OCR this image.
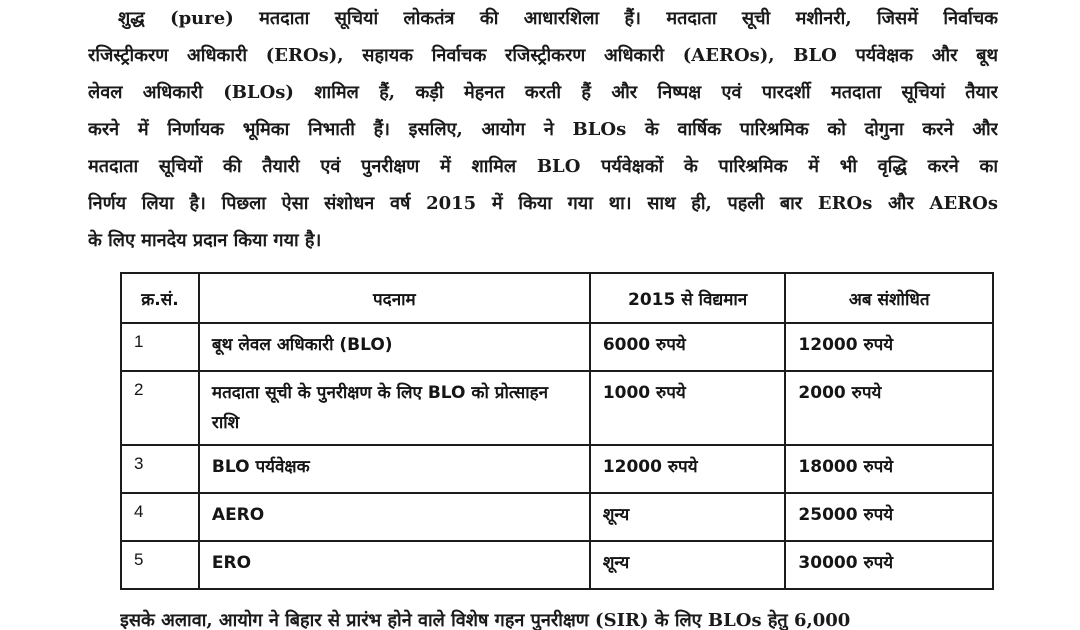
शुद्ध (pure) मतदाता सूचियां लोकतंत्र की आधारशिला हैं। मतदाता सूची मशीनरी, जिसमें निर्वाचक
रजिस्ट्रीकरण अधिकारी (EROs), सहायक निर्वाचक रजिस्ट्रीकरण अधिकारी (AEROs), BLO पर्यवेक्षक और बूथ
लेवल अधिकारी (BLOs) शामिल हैं, कड़ी मेहनत करती हैं और निष्पक्ष एवं पारदर्शी मतदाता सूचियां तैयार
करने में निर्णायक भूमिका निभाती हैं। इसलिए, आयोग ने BLOs के वार्षिक पारिश्रमिक को दोगुना करने और
मतदाता सूचियों की तैयारी एवं पुनरीक्षण में शामिल BLO पर्यवेक्षकों के पारिश्रमिक में भी वृद्धि करने का
निर्णय लिया है। पिछला ऐसा संशोधन वर्ष 2015 में किया गया था। साथ ही, पहली बार EROs और AEROs
के लिए मानदेय प्रदान किया गया है।
क्र.सं.	पदनाम	2015 से विद्यमान	अब संशोधित
1	बूथ लेवल अधिकारी (BLO)	6000 रुपये	12000 रुपये
2	मतदाता सूची के पुनरीक्षण के लिए BLO को प्रोत्साहन राशि	1000 रुपये	2000 रुपये
3	BLO पर्यवेक्षक	12000 रुपये	18000 रुपये
4	AERO	शून्य	25000 रुपये
5	ERO	शून्य	30000 रुपये
इसके अलावा, आयोग ने बिहार से प्रारंभ होने वाले विशेष गहन पुनरीक्षण (SIR) के लिए BLOs हेतु 6,000
